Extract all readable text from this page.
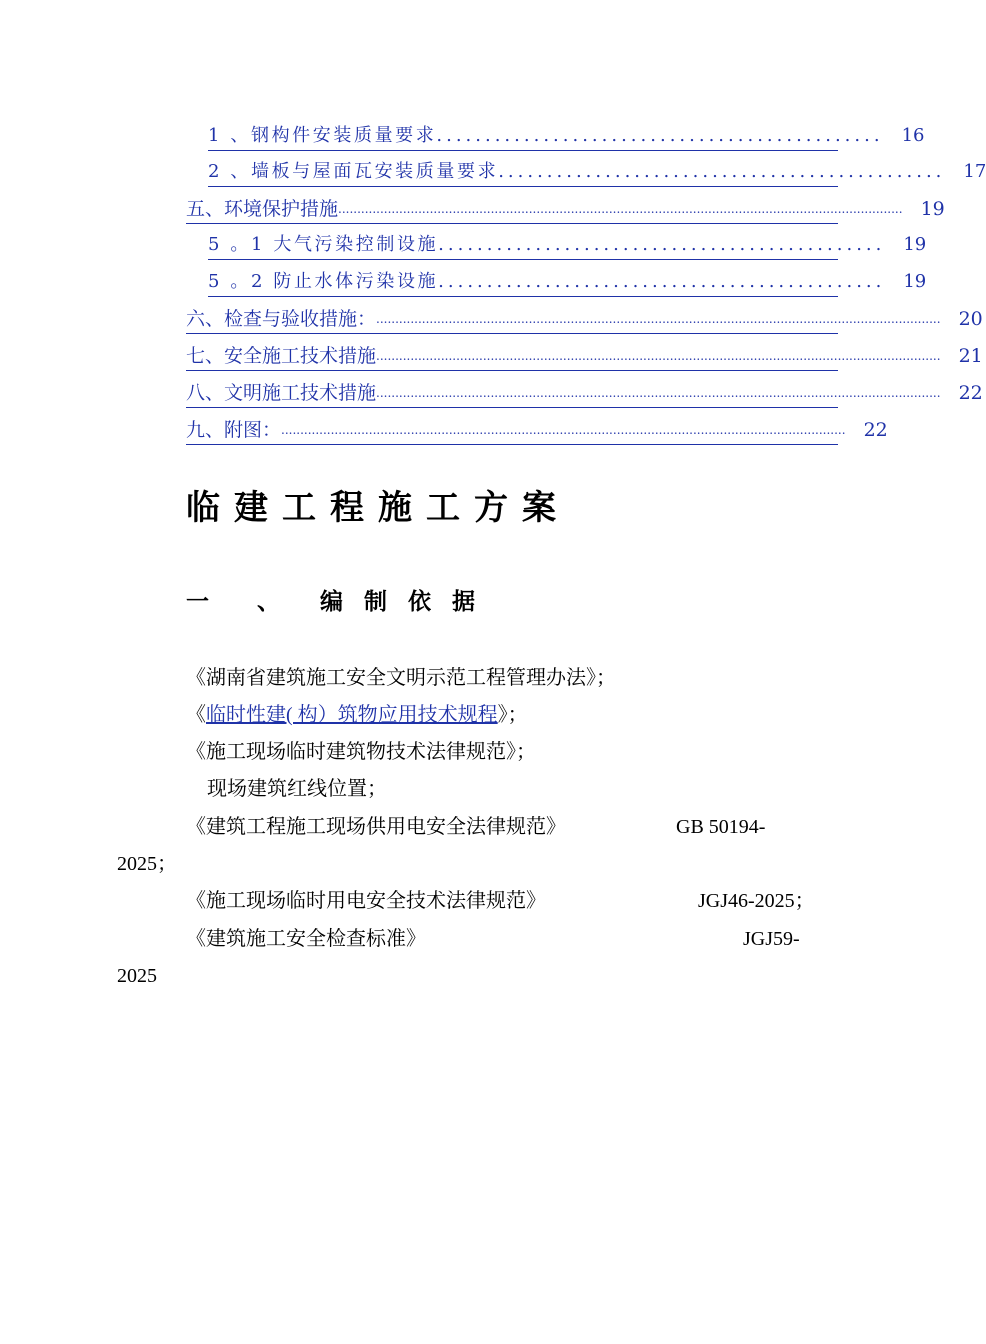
1 、钢构件安装质量要求 ..............................................	16
2 、墙板与屋面瓦安装质量要求 ..............................................	17
五、环境保护措施 .................................................................................................................................................... 19
5 。1 大气污染控制设施 ..............................................	19
5 。2 防止水体污染设施 ..............................................	19
六、检查与验收措施： .................................................................................................................................................... 20
七、安全施工技术措施 .................................................................................................................................................... 21
八、文明施工技术措施 .................................................................................................................................................... 22
九、附图： .................................................................................................................................................... 22
临建工程施工方案
一 、 编制依据
《湖南省建筑施工安全文明示范工程管理办法》；
《临时性建( 构）筑物应用技术规程》；
《施工现场临时建筑物技术法律规范》；
现场建筑红线位置；
《建筑工程施工现场供用电安全法律规范》	GB 50194-
2025；
《施工现场临时用电安全技术法律规范》	JGJ46-2025；
《建筑施工安全检查标准》	JGJ59-
2025
